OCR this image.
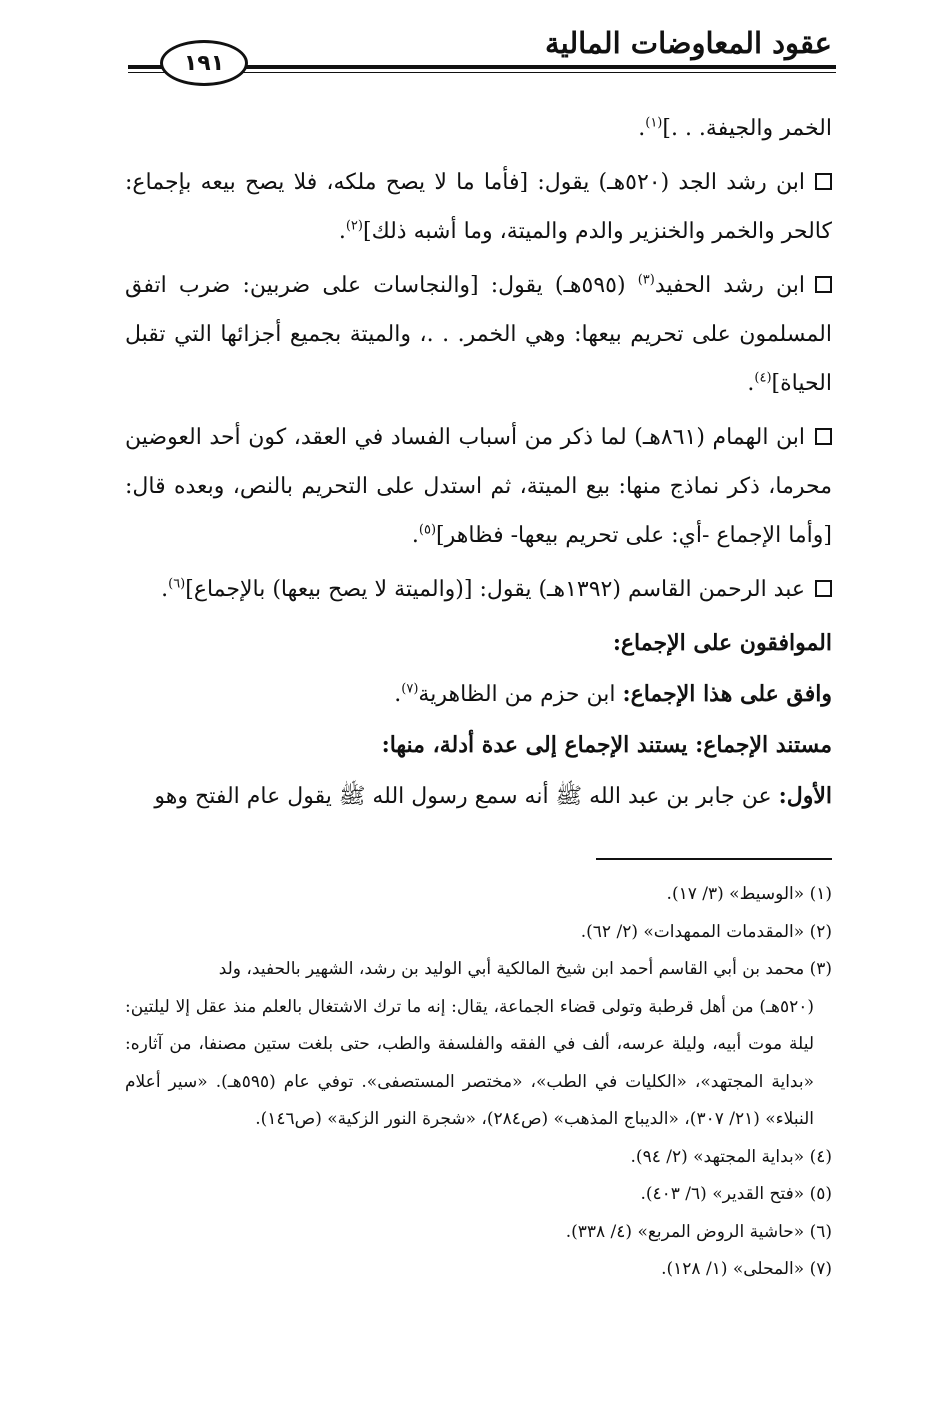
عقود المعاوضات المالية
١٩١

الخمر والجيفة. . .]$^{(١)}$.

ابن رشد الجد (٥٢٠هـ) يقول: [فأما ما لا يصح ملكه، فلا يصح بيعه بإجماع: كالحر والخمر والخنزير والدم والميتة، وما أشبه ذلك]$^{(٢)}$.

ابن رشد الحفيد$^{(٣)}$ (٥٩٥هـ) يقول: [والنجاسات على ضربين: ضرب اتفق المسلمون على تحريم بيعها: وهي الخمر. . .، والميتة بجميع أجزائها التي تقبل الحياة]$^{(٤)}$.

ابن الهمام (٨٦١هـ) لما ذكر من أسباب الفساد في العقد، كون أحد العوضين محرما، ذكر نماذج منها: بيع الميتة، ثم استدل على التحريم بالنص، وبعده قال: [وأما الإجماع -أي: على تحريم بيعها- فظاهر]$^{(٥)}$.

عبد الرحمن القاسم (١٣٩٢هـ) يقول: [(والميتة لا يصح بيعها) بالإجماع]$^{(٦)}$.

الموافقون على الإجماع:

وافق على هذا الإجماع: ابن حزم من الظاهرية$^{(٧)}$.

مستند الإجماع: يستند الإجماع إلى عدة أدلة، منها:

الأول: عن جابر بن عبد الله ﷺ أنه سمع رسول الله ﷺ يقول عام الفتح وهو

(١) «الوسيط» (٣/ ١٧).

(٢) «المقدمات الممهدات» (٢/ ٦٢).

(٣) محمد بن أبي القاسم أحمد ابن شيخ المالكية أبي الوليد بن رشد، الشهير بالحفيد، ولد

(٥٢٠هـ) من أهل قرطبة وتولى قضاء الجماعة، يقال: إنه ما ترك الاشتغال بالعلم منذ عقل إلا ليلتين: ليلة موت أبيه، وليلة عرسه، ألف في الفقه والفلسفة والطب، حتى بلغت ستين مصنفا، من آثاره: «بداية المجتهد»، «الكليات في الطب»، «مختصر المستصفى». توفي عام (٥٩٥هـ). «سير أعلام النبلاء» (٢١/ ٣٠٧)، «الديباج المذهب» (ص٢٨٤)، «شجرة النور الزكية» (ص١٤٦).

(٤) «بداية المجتهد» (٢/ ٩٤).

(٥) «فتح القدير» (٦/ ٤٠٣).

(٦) «حاشية الروض المربع» (٤/ ٣٣٨).

(٧) «المحلى» (١/ ١٢٨).
